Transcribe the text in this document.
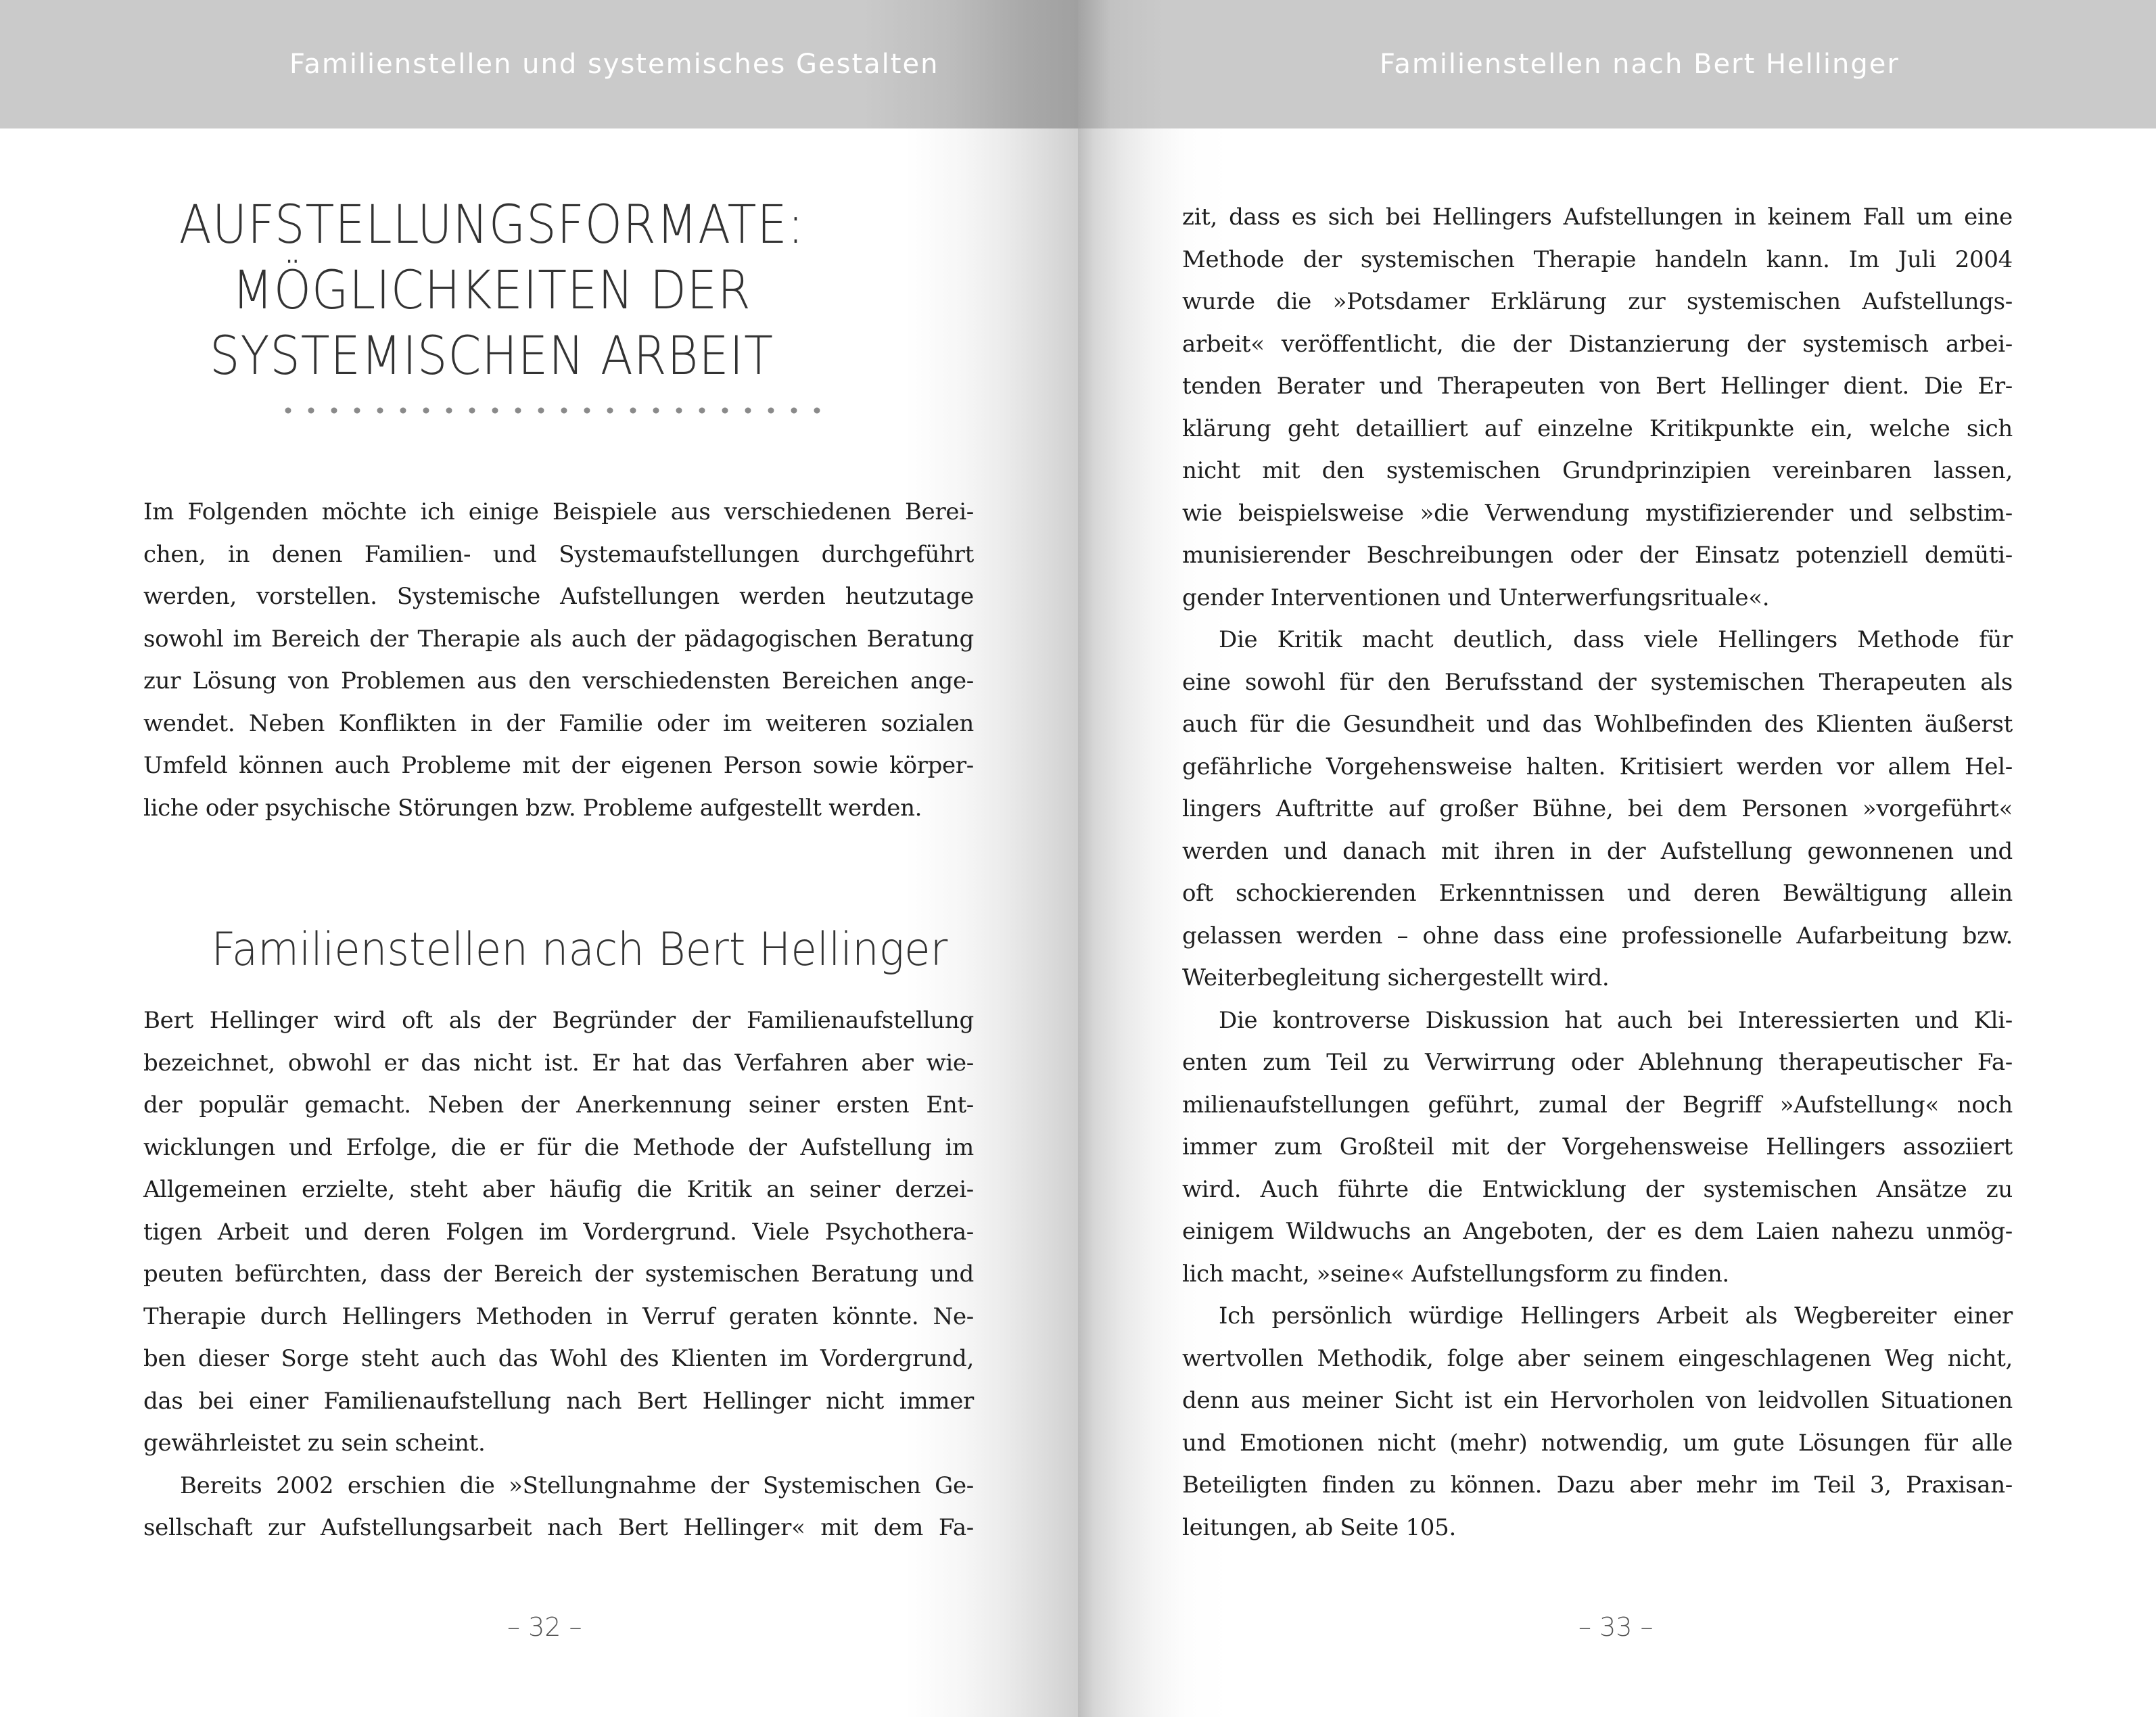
Familienstellen und systemisches Gestalten
AUFSTELLUNGSFORMATE:
MÖGLICHKEITEN DER
SYSTEMISCHEN ARBEIT
Im Folgenden möchte ich einige Beispiele aus verschiedenen Berei-
chen, in denen Familien- und Systemaufstellungen durchgeführt
werden, vorstellen. Systemische Aufstellungen werden heutzutage
sowohl im Bereich der Therapie als auch der pädagogischen Beratung
zur Lösung von Problemen aus den verschiedensten Bereichen ange-
wendet. Neben Konflikten in der Familie oder im weiteren sozialen
Umfeld können auch Probleme mit der eigenen Person sowie körper-
liche oder psychische Störungen bzw. Probleme aufgestellt werden.
Familienstellen nach Bert Hellinger
Bert Hellinger wird oft als der Begründer der Familienaufstellung
bezeichnet, obwohl er das nicht ist. Er hat das Verfahren aber wie-
der populär gemacht. Neben der Anerkennung seiner ersten Ent-
wicklungen und Erfolge, die er für die Methode der Aufstellung im
Allgemeinen erzielte, steht aber häufig die Kritik an seiner derzei-
tigen Arbeit und deren Folgen im Vordergrund. Viele Psychothera-
peuten befürchten, dass der Bereich der systemischen Beratung und
Therapie durch Hellingers Methoden in Verruf geraten könnte. Ne-
ben dieser Sorge steht auch das Wohl des Klienten im Vordergrund,
das bei einer Familienaufstellung nach Bert Hellinger nicht immer
gewährleistet zu sein scheint.
Bereits 2002 erschien die »Stellungnahme der Systemischen Ge-
sellschaft zur Aufstellungsarbeit nach Bert Hellinger« mit dem Fa-
– 32 –
Familienstellen nach Bert Hellinger
zit, dass es sich bei Hellingers Aufstellungen in keinem Fall um eine
Methode der systemischen Therapie handeln kann. Im Juli 2004
wurde die »Potsdamer Erklärung zur systemischen Aufstellungs-
arbeit« veröffentlicht, die der Distanzierung der systemisch arbei-
tenden Berater und Therapeuten von Bert Hellinger dient. Die Er-
klärung geht detailliert auf einzelne Kritikpunkte ein, welche sich
nicht mit den systemischen Grundprinzipien vereinbaren lassen,
wie beispielsweise »die Verwendung mystifizierender und selbstim-
munisierender Beschreibungen oder der Einsatz potenziell demüti-
gender Interventionen und Unterwerfungsrituale«.
Die Kritik macht deutlich, dass viele Hellingers Methode für
eine sowohl für den Berufsstand der systemischen Therapeuten als
auch für die Gesundheit und das Wohlbefinden des Klienten äußerst
gefährliche Vorgehensweise halten. Kritisiert werden vor allem Hel-
lingers Auftritte auf großer Bühne, bei dem Personen »vorgeführt«
werden und danach mit ihren in der Aufstellung gewonnenen und
oft schockierenden Erkenntnissen und deren Bewältigung allein
gelassen werden – ohne dass eine professionelle Aufarbeitung bzw.
Weiterbegleitung sichergestellt wird.
Die kontroverse Diskussion hat auch bei Interessierten und Kli-
enten zum Teil zu Verwirrung oder Ablehnung therapeutischer Fa-
milienaufstellungen geführt, zumal der Begriff »Aufstellung« noch
immer zum Großteil mit der Vorgehensweise Hellingers assoziiert
wird. Auch führte die Entwicklung der systemischen Ansätze zu
einigem Wildwuchs an Angeboten, der es dem Laien nahezu unmög-
lich macht, »seine« Aufstellungsform zu finden.
Ich persönlich würdige Hellingers Arbeit als Wegbereiter einer
wertvollen Methodik, folge aber seinem eingeschlagenen Weg nicht,
denn aus meiner Sicht ist ein Hervorholen von leidvollen Situationen
und Emotionen nicht (mehr) notwendig, um gute Lösungen für alle
Beteiligten finden zu können. Dazu aber mehr im Teil 3, Praxisan-
leitungen, ab Seite 105.
– 33 –
